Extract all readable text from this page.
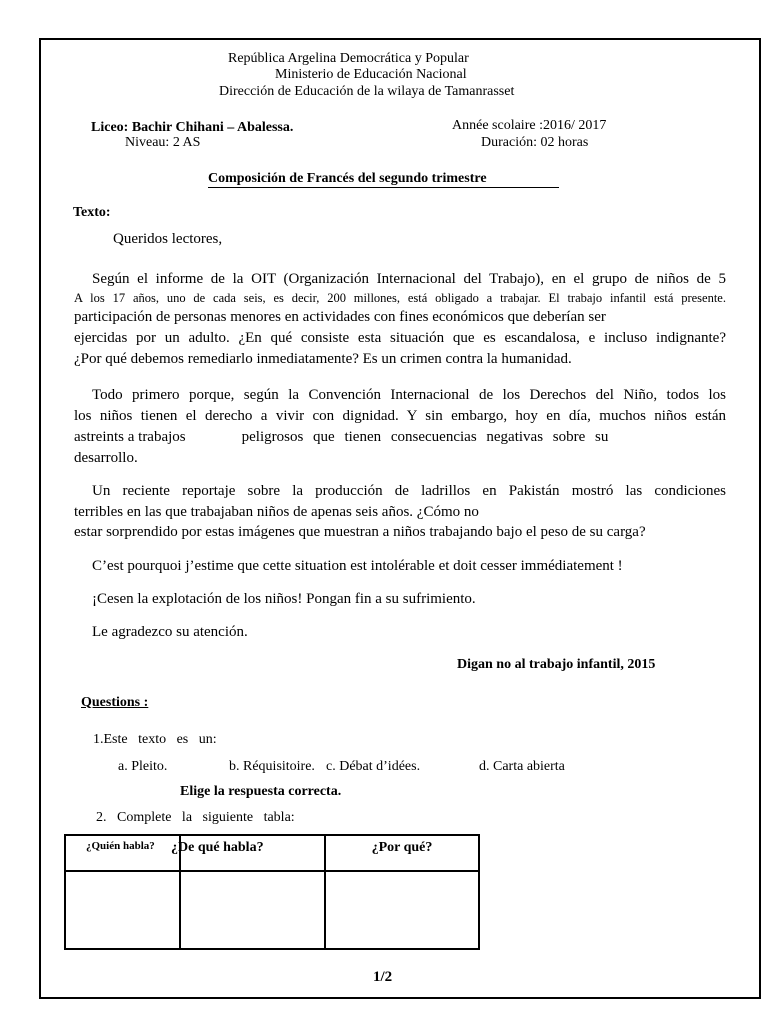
República Argelina Democrática y Popular
Ministerio de Educación Nacional
Dirección de Educación de la wilaya de Tamanrasset
Liceo: Bachir Chihani – Abalessa.
Niveau: 2 AS
Année scolaire :2016/ 2017
Duración: 02 horas
Composición de Francés del segundo trimestre
Texto:
Queridos lectores,
Según el informe de la OIT (Organización Internacional del Trabajo), en el grupo de niños de 5
A los 17 años, uno de cada seis, es decir, 200 millones, está obligado a trabajar. El trabajo infantil está presente.
participación de personas menores en actividades con fines económicos que deberían ser
ejercidas por un adulto. ¿En qué consiste esta situación que es escandalosa, e incluso indignante?
¿Por qué debemos remediarlo inmediatamente? Es un crimen contra la humanidad.
Todo primero porque, según la Convención Internacional de los Derechos del Niño, todos los
los niños tienen el derecho a vivir con dignidad. Y sin embargo, hoy en día, muchos niños están
astreints a trabajos	peligrosos que tienen consecuencias negativas sobre su
desarrollo.
Un reciente reportaje sobre la producción de ladrillos en Pakistán mostró las condiciones
terribles en las que trabajaban niños de apenas seis años. ¿Cómo no
estar sorprendido por estas imágenes que muestran a niños trabajando bajo el peso de su carga?
C’est pourquoi j’estime que cette situation est intolérable et doit cesser immédiatement !
¡Cesen la explotación de los niños! Pongan fin a su sufrimiento.
Le agradezco su atención.
Digan no al trabajo infantil, 2015
Questions :
1.Este   texto   es   un:
a. Pleito.	b. Réquisitoire. c. Débat d’idées.	d. Carta abierta
Elige la respuesta correcta.
2.   Complete   la   siguiente   tabla:
¿Quién habla?	¿De qué habla?	¿Por qué?

1/2
